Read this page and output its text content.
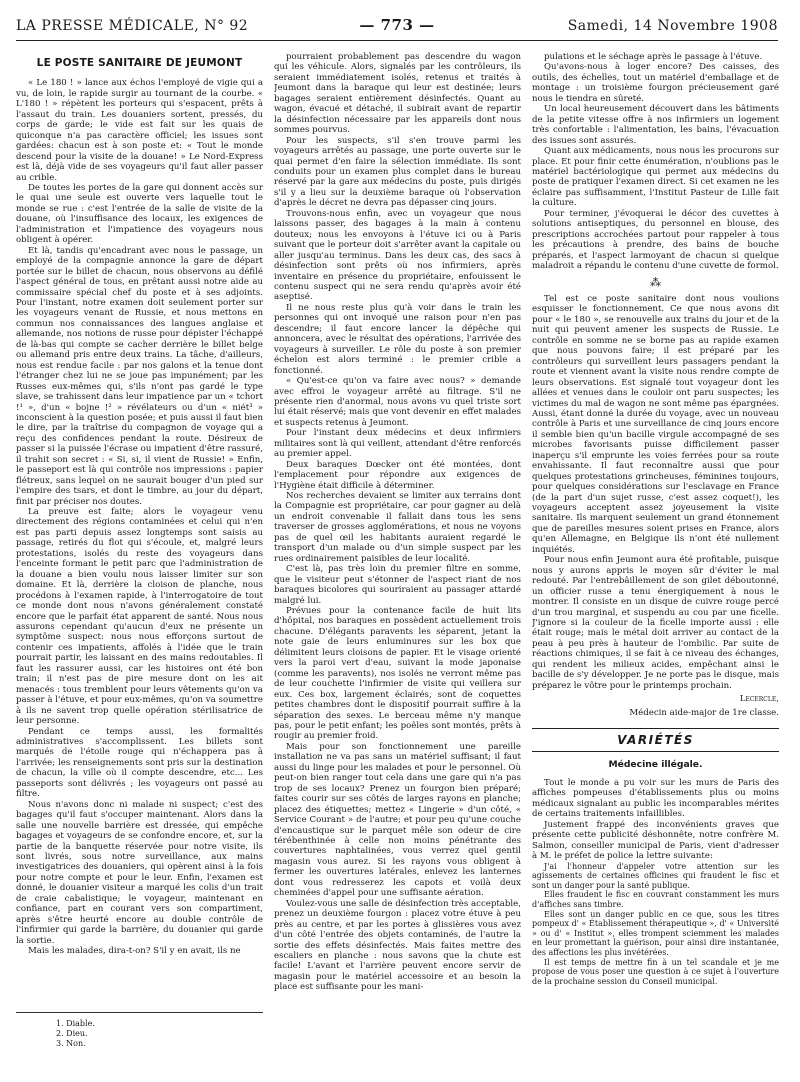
LA PRESSE MÉDICALE, N° 92	— 773 —	Samedi, 14 Novembre 1908

LE POSTE SANITAIRE DE JEUMONT

« Le 180 ! » lance aux échos l'employé de vigie qui a vu, de loin, le rapide surgir au tournant de la courbe. « L'180 ! » répètent les porteurs qui s'espacent, prêts à l'assaut du train. Les douaniers sortent, pressés, du corps de garde; le vide est fait sur les quais de quiconque n'a pas caractère officiel; les issues sont gardées: chacun est à son poste et: « Tout le monde descend pour la visite de la douane! » Le Nord-Express est là, déjà vide de ses voyageurs qu'il faut aller passer au crible.

De toutes les portes de la gare qui donnent accès sur le quai une seule est ouverte vers laquelle tout le monde se rue : c'est l'entrée de la salle de visite de la douane, où l'insuffisance des locaux, les exigences de l'administration et l'impatience des voyageurs nous obligent à opérer.

Et là, tandis qu'encadrant avec nous le passage, un employé de la compagnie annonce la gare de départ portée sur le billet de chacun, nous observons au défilé l'aspect général de tous, en prêtant aussi notre aide au commissaire spécial chef du poste et à ses adjoints. Pour l'instant, notre examen doit seulement porter sur les voyageurs venant de Russie, et nous mettons en commun nos connaissances des langues anglaise et allemande, nos notions de russe pour dépister l'échappé de là-bas qui compte se cacher derrière le billet belge ou allemand pris entre deux trains. La tâche, d'ailleurs, nous est rendue facile : par nos galons et la tenue dont l'étranger chez lui ne se joue pas impunément; par les Russes eux-mêmes qui, s'ils n'ont pas gardé le type slave, se trahissent dans leur impatience par un « tchort !¹ », d'un « bojne !² » révélateurs ou d'un « niét³ » inconscient à la question posée; et puis aussi il faut bien le dire, par la traîtrise du compagnon de voyage qui a reçu des confidences pendant la route. Désireux de passer si la puissée l'écrase ou impatient d'être rassuré, il trahit son secret : « Si, si, il vient de Russie! » Enfin, le passeport est là qui contrôle nos impressions : papier flétreux, sans lequel on ne saurait bouger d'un pied sur l'empire des tsars, et dont le timbre, au jour du départ, finit par préciser nos doutes.

La preuve est faite; alors le voyageur venu directement des régions contaminées et celui qui n'en est pas parti depuis assez longtemps sont saisis au passage, retirés du flot qui s'écoule, et, malgré leurs protestations, isolés du reste des voyageurs dans l'enceinte formant le petit parc que l'administration de la douane a bien voulu nous laisser limiter sur son domaine. Et là, derrière la cloison de planche, nous procédons à l'examen rapide, à l'interrogatoire de tout ce monde dont nous n'avons généralement constaté encore que le parfait état apparent de santé. Nous nous assurons cependant qu'aucun d'eux ne présente un symptôme suspect: nous nous efforçons surtout de contenir ces impatients, affolés à l'idée que le train pourrait partir, les laissant en des mains redoutables. Il faut les rassurer aussi, car les histoires ont été bon train; il n'est pas de pire mesure dont on les ait menacés : tous tremblent pour leurs vêtements qu'on va passer à l'étuve, et pour eux-mêmes, qu'on va soumettre à ils ne savent trop quelle opération stérilisatrice de leur personne.

Pendant ce temps aussi, les formalités administratives s'accomplissent. Les billets sont marqués de l'étoile rouge qui n'échappera pas à l'arrivée; les renseignements sont pris sur la destination de chacun, la ville où il compte descendre, etc... Les passeports sont délivrés ; les voyageurs ont passé au filtre.

Nous n'avons donc ni malade ni suspect; c'est des bagages qu'il faut s'occuper maintenant. Alors dans la salle une nouvelle barrière est dressée, qui empêche bagages et voyageurs de se confondre encore, et, sur la partie de la banquette réservée pour notre visite, ils sont livrés, sous notre surveillance, aux mains investigatrices des douaniers, qui opèrent ainsi à la fois pour notre compte et pour le leur. Enfin, l'examen est donné, le douanier visiteur a marqué les colis d'un trait de craie cabalistique; le voyageur, maintenant en confiance, part en courant vers son compartiment, après s'être heurté encore au double contrôle de l'infirmier qui garde la barrière, du douanier qui garde la sortie.

Mais les malades, dira-t-on? S'il y en avait, ils ne

pourraient probablement pas descendre du wagon qui les véhicule. Alors, signalés par les contrôleurs, ils seraient immédiatement isolés, retenus et traités à Jeumont dans la baraque qui leur est destinée; leurs bagages seraient entièrement désinfectés. Quant au wagon, évacué et détaché, il subirait avant de repartir la désinfection nécessaire par les appareils dont nous sommes pourvus.

Pour les suspects, s'il s'en trouve parmi les voyageurs arrêtés au passage, une porte ouverte sur le quai permet d'en faire la sélection immédiate. Ils sont conduits pour un examen plus complet dans le bureau réservé par la gare aux médecins du poste, puis dirigés s'il y a lieu sur la deuxième baraque où l'observation d'après le décret ne devra pas dépasser cinq jours.

Trouvons-nous enfin, avec un voyageur que nous laissons passer, des bagages à la main à contenu douteux; nous les envoyons à l'étuve ici ou à Paris suivant que le porteur doit s'arrêter avant la capitale ou aller jusqu'au terminus. Dans les deux cas, des sacs à désinfection sont prêts où nos infirmiers, après inventaire en présence du propriétaire, enfouissent le contenu suspect qui ne sera rendu qu'après avoir été aseptisé.

Il ne nous reste plus qu'à voir dans le train les personnes qui ont invoqué une raison pour n'en pas descendre; il faut encore lancer la dépêche qui annoncera, avec le résultat des opérations, l'arrivée des voyageurs à surveiller. Le rôle du poste à son premier échelon est alors terminé : le premier crible a fonctionné.

« Qu'est-ce qu'on va faire avec nous? » demande avec effroi le voyageur arrêté au filtrage. S'il ne présente rien d'anormal, nous avons vu quel triste sort lui était réservé; mais que vont devenir en effet malades et suspects retenus à Jeumont.

Pour l'instant deux médecins et deux infirmiers militaires sont là qui veillent, attendant d'être renforcés au premier appel.

Deux baraques Dœcker ont été montées, dont l'emplacement pour répondre aux exigences de l'Hygiène était difficile à déterminer.

Nos recherches devaient se limiter aux terrains dont la Compagnie est propriétaire, car pour gagner au delà un endroit convenable il fallait dans tous les sens traverser de grosses agglomérations, et nous ne voyons pas de quel œil les habitants auraient regardé le transport d'un malade ou d'un simple suspect par les rues ordinairement paisibles de leur localité.

C'est là, pas très loin du premier filtre en somme, que le visiteur peut s'étonner de l'aspect riant de nos baraques bicolores qui souriraient au passager attardé malgré lui.

Prévues pour la contenance facile de huit lits d'hôpital, nos baraques en possèdent actuellement trois chacune. D'élégants paravents les séparent, jetant la note gaie de leurs enluminures sur les box que délimitent leurs cloisons de papier. Et le visage orienté vers la paroi vert d'eau, suivant la mode japonaise (comme les paravents), nos isolés ne verront même pas de leur couchette l'infirmier de visite qui veillera sur eux. Ces box, largement éclairés, sont de coquettes petites chambres dont le dispositif pourrait suffire à la séparation des sexes. Le berceau même n'y manque pas, pour le petit enfant; les poêles sont montés, prêts à rougir au premier froid.

Mais pour son fonctionnement une pareille installation ne va pas sans un matériel suffisant; il faut aussi du linge pour les malades et pour le personnel. Où peut-on bien ranger tout cela dans une gare qui n'a pas trop de ses locaux? Prenez un fourgon bien préparé; faites courir sur ses côtés de larges rayons en planche; placez des étiquettes; mettez « Lingerie » d'un côté, « Service Courant » de l'autre; et pour peu qu'une couche d'encaustique sur le parquet mêle son odeur de cire térébenthinée à celle non moins pénétrante des couvertures naphtalinées, vous verrez quel gentil magasin vous aurez. Si les rayons vous obligent à fermer les ouvertures latérales, enlevez les lanternes dont vous redresserez les capots et voilà deux cheminées d'appel pour une suffisante aération.

Voulez-vous une salle de désinfection très acceptable, prenez un deuxième fourgon : placez votre étuve à peu près au centre, et par les portes à glissières vous avez d'un côté l'entrée des objets contaminés, de l'autre la sortie des effets désinfectés. Mais faites mettre des escaliers en planche : nous savons que la chute est facile! L'avant et l'arrière peuvent encore servir de magasin pour le matériel accessoire et au besoin la place est suffisante pour les mani-

pulations et le séchage après le passage à l'étuve.

Qu'avons-nous à loger encore? Des caisses, des outils, des échelles, tout un matériel d'emballage et de montage : un troisième fourgon précieusement garé nous le tiendra en sûreté.

Un local heureusement découvert dans les bâtiments de la petite vitesse offre à nos infirmiers un logement très confortable : l'alimentation, les bains, l'évacuation des issues sont assurés.

Quant aux médicaments, nous nous les procurons sur place. Et pour finir cette énumération, n'oublions pas le matériel bactériologique qui permet aux médecins du poste de pratiquer l'examen direct. Si cet examen ne les éclaire pas suffisamment, l'Institut Pasteur de Lille fait la culture.

Pour terminer, j'évoquerai le décor des cuvettes à solutions antiseptiques, du personnel en blouse, des prescriptions accrochées partout pour rappeler à tous les précautions à prendre, des bains de bouche préparés, et l'aspect larmoyant de chacun si quelque maladroit a répandu le contenu d'une cuvette de formol.

⁂

Tel est ce poste sanitaire dont nous voulions esquisser le fonctionnement. Ce que nous avons dit pour « le 180 », se renouvelle aux trains du jour et de la nuit qui peuvent amener les suspects de Russie. Le contrôle en somme ne se borne pas au rapide examen que nous pouvons faire; il est préparé par les contrôleurs qui surveillent leurs passagers pendant la route et viennent avant la visite nous rendre compte de leurs observations. Est signalé tout voyageur dont les allées et venues dans le couloir ont paru suspectes; les victimes du mal de wagon ne sont même pas épargnées. Aussi, étant donné la durée du voyage, avec un nouveau contrôle à Paris et une surveillance de cinq jours encore il semble bien qu'un bacille virgule accompagné de ses microbes favorisants puisse difficilement passer inaperçu s'il emprunte les voies ferrées pour sa route envahissante. Il faut reconnaître aussi que pour quelques protestations grincheuses, féminines toujours, pour quelques considérations sur l'esclavage en France (de la part d'un sujet russe, c'est assez coquet!), les voyageurs acceptent assez joyeusement la visite sanitaire. Ils marquent seulement un grand étonnement que de pareilles mesures soient prises en France, alors qu'en Allemagne, en Belgique ils n'ont été nullement inquiétés.

Pour nous enfin Jeumont aura été profitable, puisque nous y aurons appris le moyen sûr d'éviter le mal redouté. Par l'entrebâillement de son gilet déboutonné, un officier russe a tenu énergiquement à nous le montrer. Il consiste en un disque de cuivre rouge percé d'un trou marginal, et suspendu au cou par une ficelle. J'ignore si la couleur de la ficelle importe aussi : elle était rouge; mais le métal doit arriver au contact de la peau à peu près à hauteur de l'ombilic. Par suite de réactions chimiques, il se fait à ce niveau des échanges, qui rendent les milieux acides, empêchant ainsi le bacille de s'y développer. Je ne porte pas le disque, mais préparez le vôtre pour le printemps prochain.

Lecercle,

Médecin aide-major de 1re classe.

VARIÉTÉS

Médecine illégale.

Tout le monde a pu voir sur les murs de Paris des affiches pompeuses d'établissements plus ou moins médicaux signalant au public les incomparables mérites de certains traitements infaillibles.

Justement frappé des inconvénients graves que présente cette publicité déshonnête, notre confrère M. Salmon, conseiller municipal de Paris, vient d'adresser à M. le préfet de police la lettre suivante:

J'ai l'honneur d'appeler votre attention sur les agissements de certaines officines qui fraudent le fisc et sont un danger pour la santé publique.

Elles fraudent le fisc en couvrant constamment les murs d'affiches sans timbre.

Elles sont un danger public en ce que, sous les titres pompeux d' « Établissement thérapeutique », d' « Université » ou d' « Institut », elles trompent sciemment les malades en leur promettant la guérison, pour ainsi dire instantanée, des affections les plus invétérées.

Il est temps de mettre fin à un tel scandale et je me propose de vous poser une question à ce sujet à l'ouverture de la prochaine session du Conseil municipal.

1. Diable.
2. Dieu.
3. Non.
